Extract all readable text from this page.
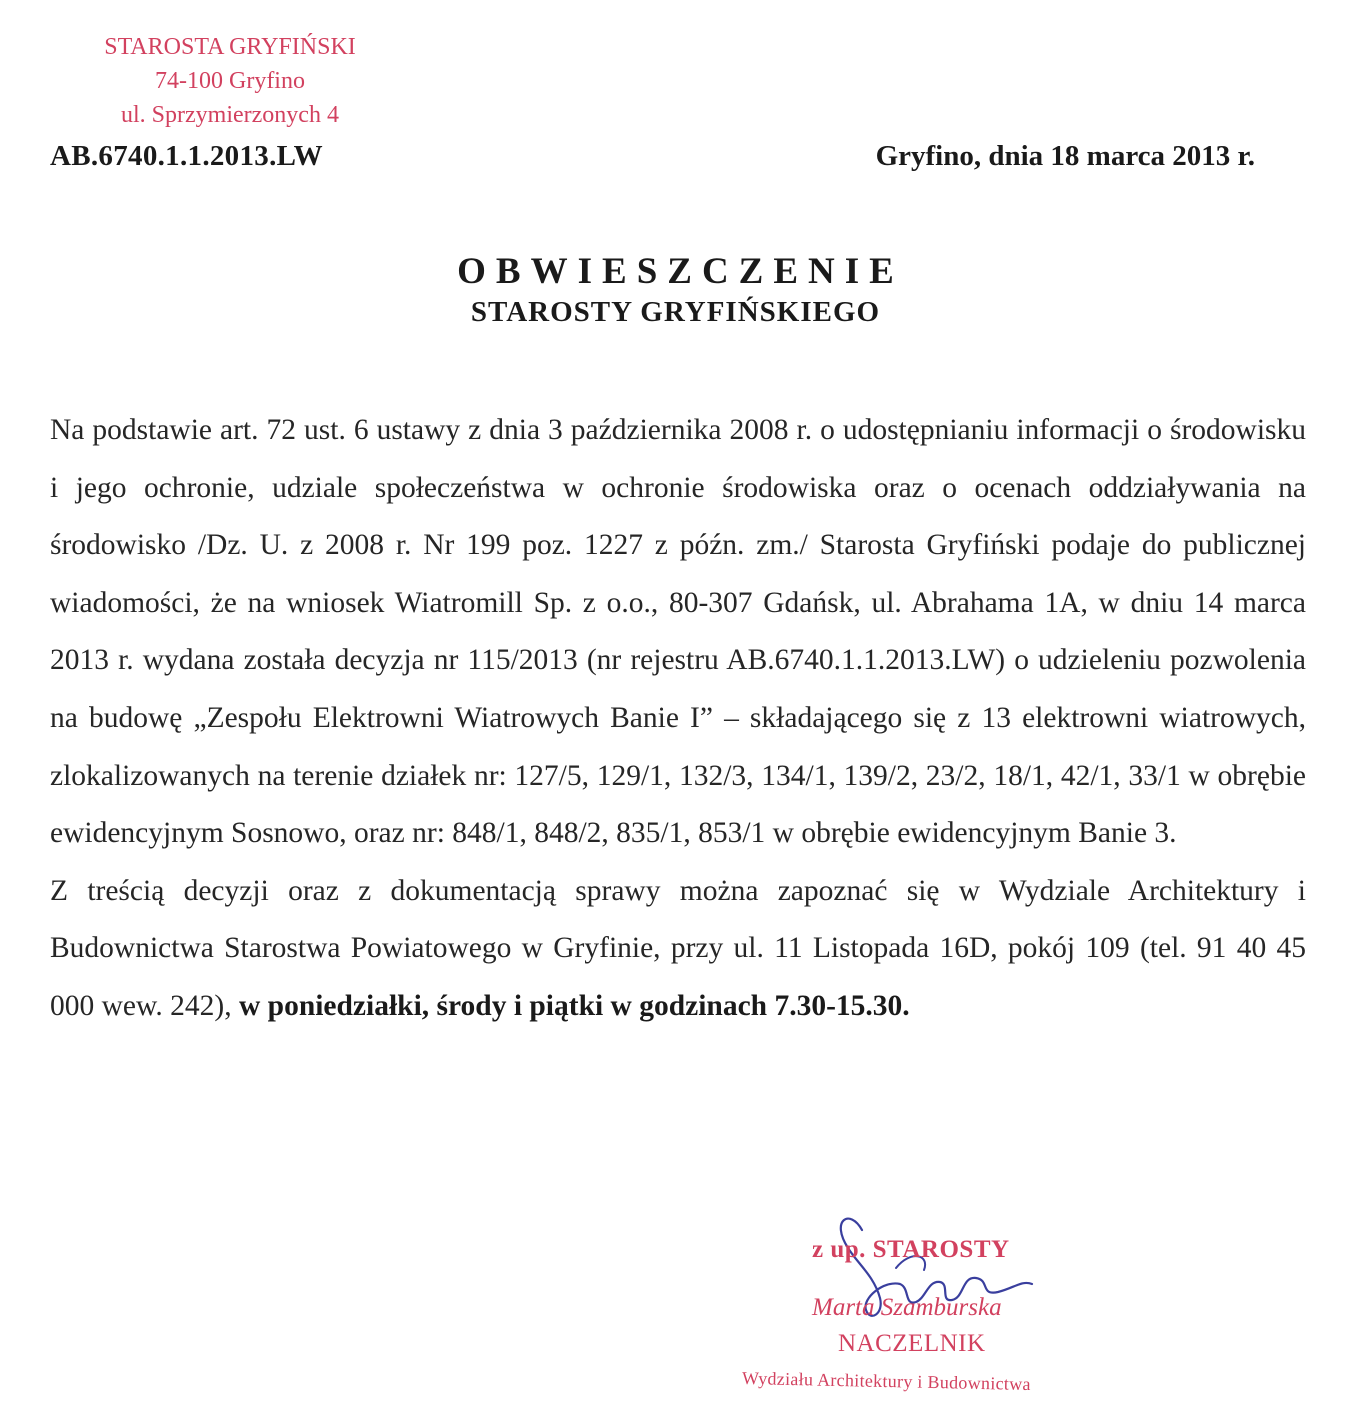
STAROSTA GRYFIŃSKI
74-100 Gryfino
ul. Sprzymierzonych 4
AB.6740.1.1.2013.LW	Gryfino, dnia 18 marca 2013 r.
OBWIESZCZENIE
STAROSTY GRYFIŃSKIEGO

Na podstawie art. 72 ust. 6 ustawy z dnia 3 października 2008 r. o udostępnianiu informacji o środowisku i jego ochronie, udziale społeczeństwa w ochronie środowiska oraz o ocenach oddziaływania na środowisko /Dz. U. z 2008 r. Nr 199 poz. 1227 z późn. zm./ Starosta Gryfiński podaje do publicznej wiadomości, że na wniosek Wiatromill Sp. z o.o., 80-307 Gdańsk, ul. Abrahama 1A, w dniu 14 marca 2013 r. wydana została decyzja nr 115/2013 (nr rejestru AB.6740.1.1.2013.LW) o udzieleniu pozwolenia na budowę „Zespołu Elektrowni Wiatrowych Banie I” – składającego się z 13 elektrowni wiatrowych, zlokalizowanych na terenie działek nr: 127/5, 129/1, 132/3, 134/1, 139/2, 23/2, 18/1, 42/1, 33/1 w obrębie ewidencyjnym Sosnowo, oraz nr: 848/1, 848/2, 835/1, 853/1 w obrębie ewidencyjnym Banie 3.

Z treścią decyzji oraz z dokumentacją sprawy można zapoznać się w Wydziale Architektury i Budownictwa Starostwa Powiatowego w Gryfinie, przy ul. 11 Listopada 16D, pokój 109 (tel. 91 40 45 000 wew. 242), w poniedziałki, środy i piątki w godzinach 7.30-15.30.

z up. STAROSTY
Marta Szamburska
NACZELNIK
Wydziału Architektury i Budownictwa
